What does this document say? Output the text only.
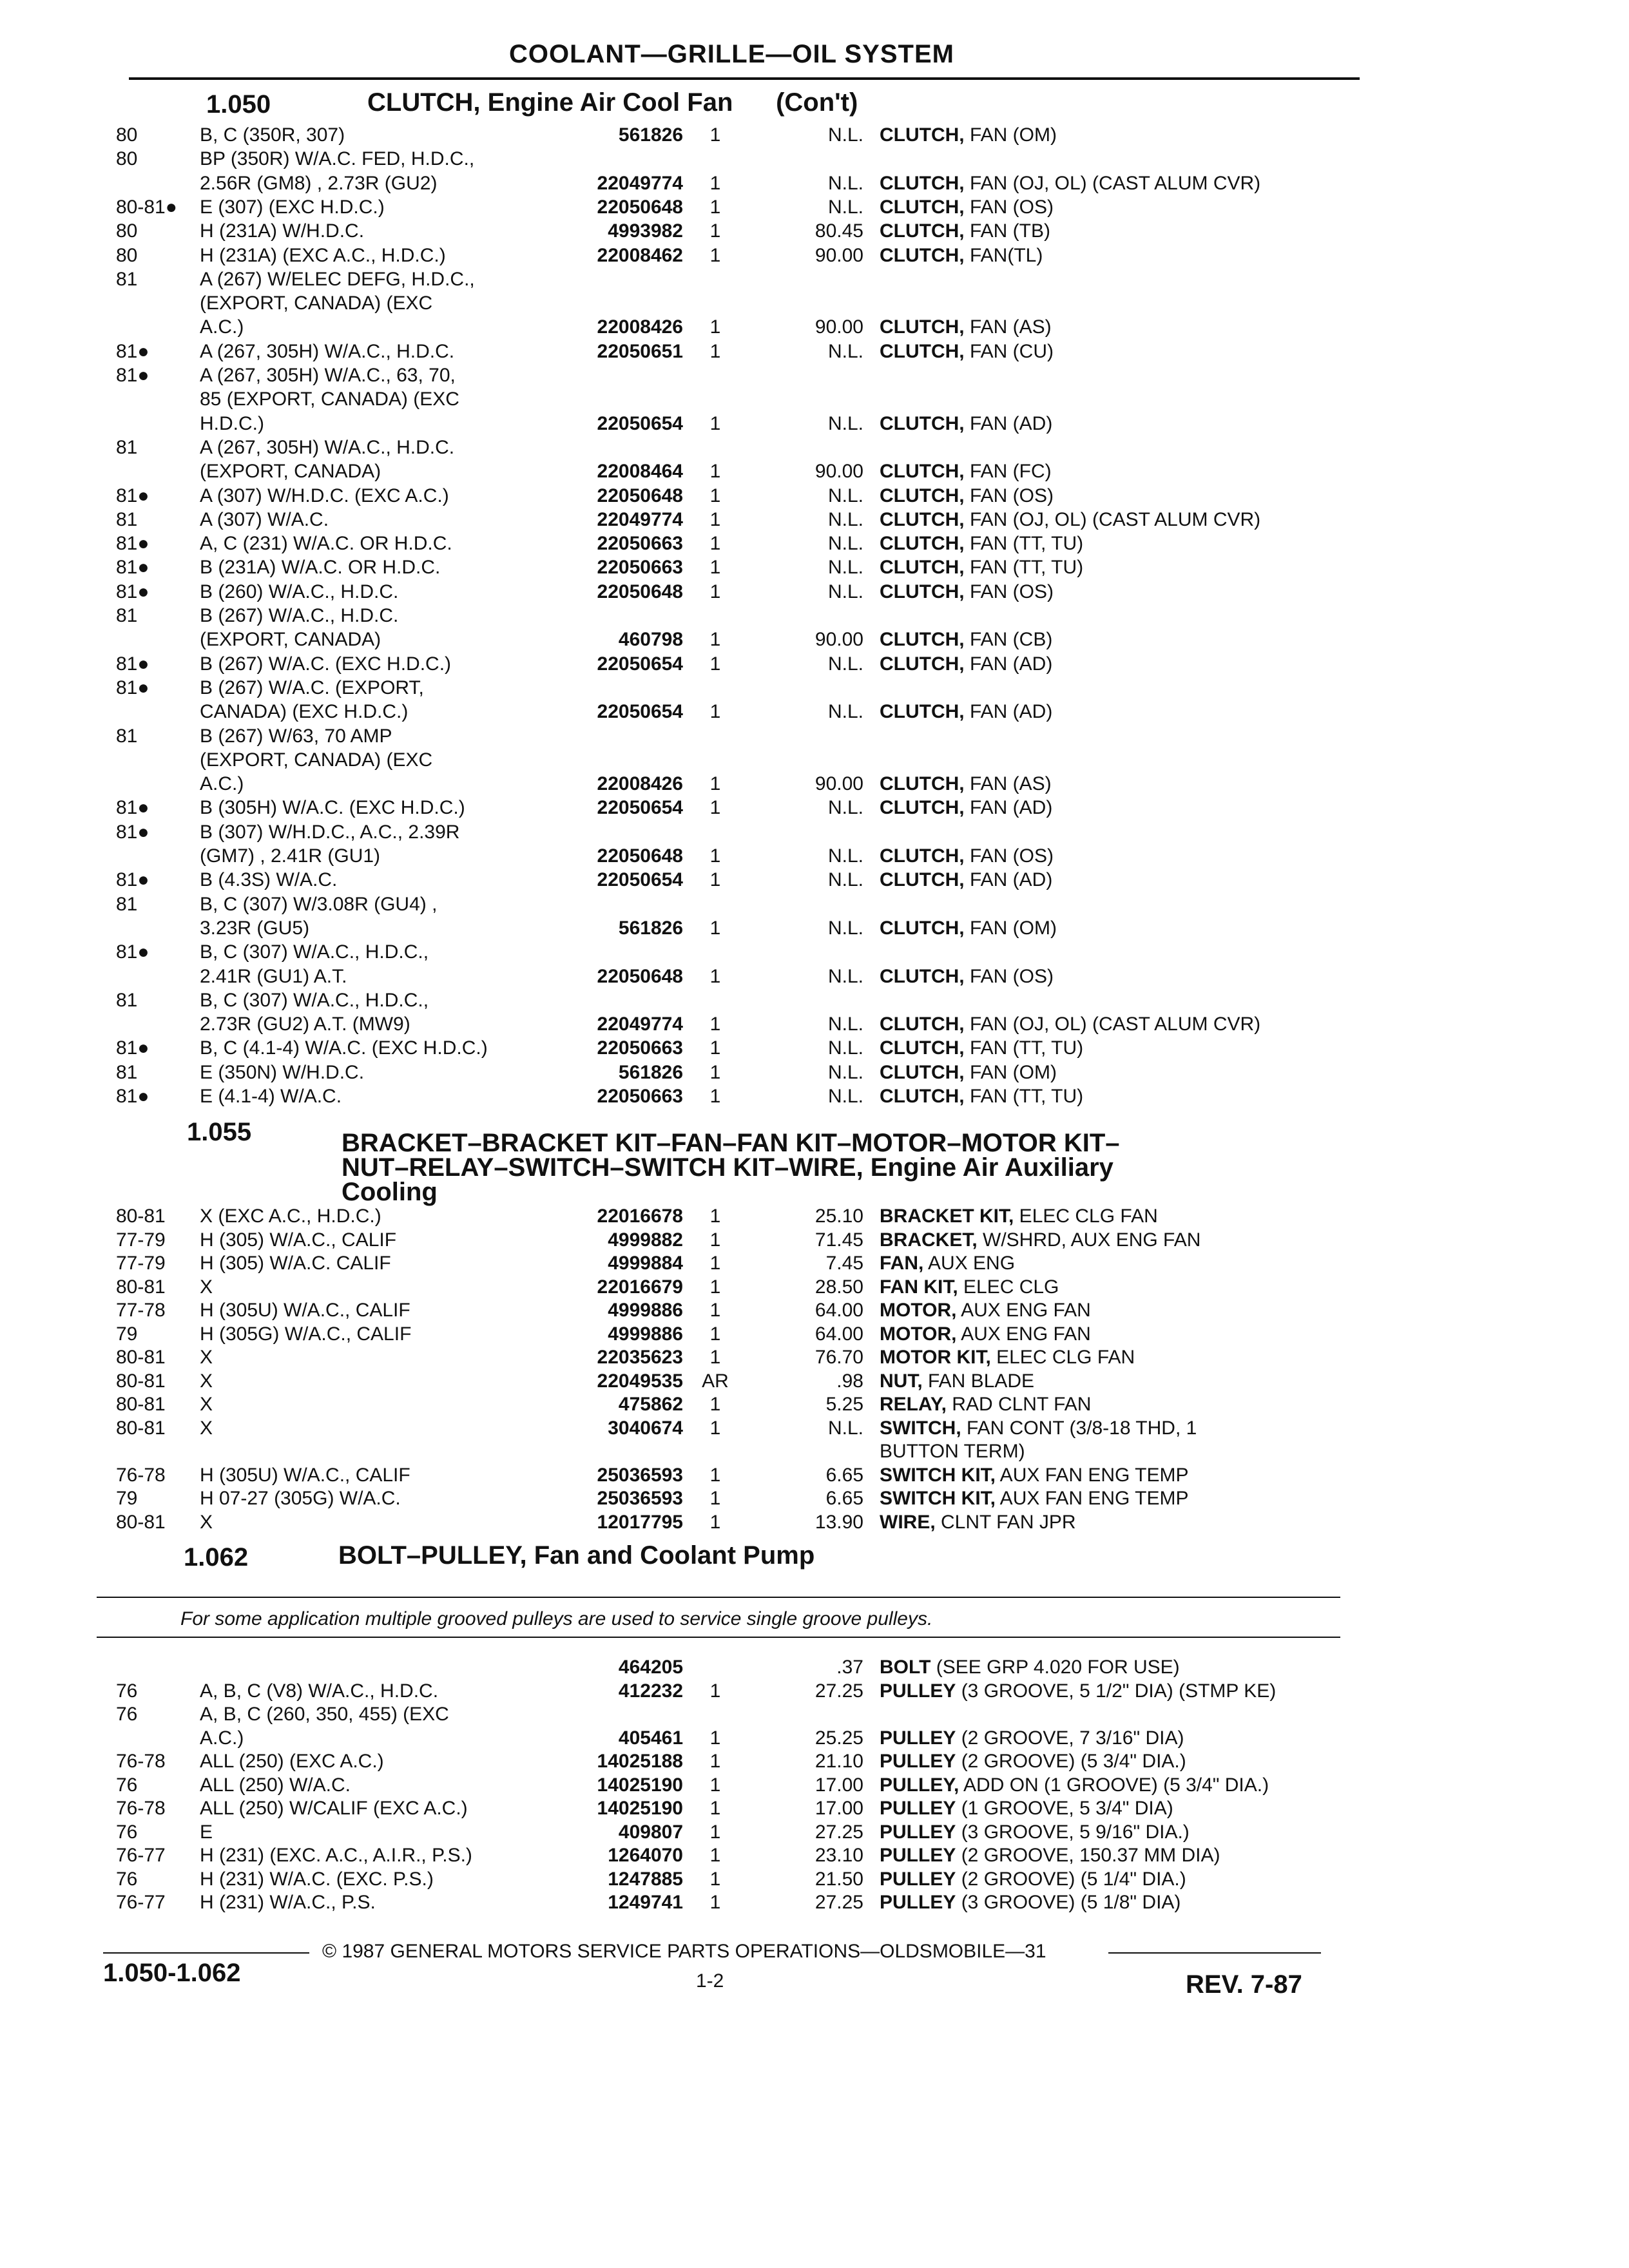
COOLANT—GRILLE—OIL SYSTEM
1.050	CLUTCH, Engine Air Cool Fan      (Con't)
80	B, C (350R, 307)	561826	1	N.L. CLUTCH, FAN (OM)
80	BP (350R) W/A.C. FED, H.D.C.,
2.56R (GM8) , 2.73R (GU2)	22049774	1	N.L. CLUTCH, FAN (OJ, OL) (CAST ALUM CVR)
80-81●	E (307) (EXC H.D.C.)	22050648	1	N.L. CLUTCH, FAN (OS)
80	H (231A) W/H.D.C.	4993982	1	80.45 CLUTCH, FAN (TB)
80	H (231A) (EXC A.C., H.D.C.)	22008462	1	90.00 CLUTCH, FAN(TL)
81	A (267) W/ELEC DEFG, H.D.C.,
(EXPORT, CANADA) (EXC
A.C.)	22008426	1	90.00 CLUTCH, FAN (AS)
81●	A (267, 305H) W/A.C., H.D.C.	22050651	1	N.L. CLUTCH, FAN (CU)
81●	A (267, 305H) W/A.C., 63, 70,
85 (EXPORT, CANADA) (EXC
H.D.C.)	22050654	1	N.L. CLUTCH, FAN (AD)
81	A (267, 305H) W/A.C., H.D.C.
(EXPORT, CANADA)	22008464	1	90.00 CLUTCH, FAN (FC)
81●	A (307) W/H.D.C. (EXC A.C.)	22050648	1	N.L. CLUTCH, FAN (OS)
81	A (307) W/A.C.	22049774	1	N.L. CLUTCH, FAN (OJ, OL) (CAST ALUM CVR)
81●	A, C (231) W/A.C. OR H.D.C.	22050663	1	N.L. CLUTCH, FAN (TT, TU)
81●	B (231A) W/A.C. OR H.D.C.	22050663	1	N.L. CLUTCH, FAN (TT, TU)
81●	B (260) W/A.C., H.D.C.	22050648	1	N.L. CLUTCH, FAN (OS)
81	B (267) W/A.C., H.D.C.
(EXPORT, CANADA)	460798	1	90.00 CLUTCH, FAN (CB)
81●	B (267) W/A.C. (EXC H.D.C.)	22050654	1	N.L. CLUTCH, FAN (AD)
81●	B (267) W/A.C. (EXPORT,
CANADA) (EXC H.D.C.)	22050654	1	N.L. CLUTCH, FAN (AD)
81	B (267) W/63, 70 AMP
(EXPORT, CANADA) (EXC
A.C.)	22008426	1	90.00 CLUTCH, FAN (AS)
81●	B (305H) W/A.C. (EXC H.D.C.)	22050654	1	N.L. CLUTCH, FAN (AD)
81●	B (307) W/H.D.C., A.C., 2.39R
(GM7) , 2.41R (GU1)	22050648	1	N.L. CLUTCH, FAN (OS)
81●	B (4.3S) W/A.C.	22050654	1	N.L. CLUTCH, FAN (AD)
81	B, C (307) W/3.08R (GU4) ,
3.23R (GU5)	561826	1	N.L. CLUTCH, FAN (OM)
81●	B, C (307) W/A.C., H.D.C.,
2.41R (GU1) A.T.	22050648	1	N.L. CLUTCH, FAN (OS)
81	B, C (307) W/A.C., H.D.C.,
2.73R (GU2) A.T. (MW9)	22049774	1	N.L. CLUTCH, FAN (OJ, OL) (CAST ALUM CVR)
81●	B, C (4.1-4) W/A.C. (EXC H.D.C.)	22050663	1	N.L. CLUTCH, FAN (TT, TU)
81	E (350N) W/H.D.C.	561826	1	N.L. CLUTCH, FAN (OM)
81●	E (4.1-4) W/A.C.	22050663	1	N.L. CLUTCH, FAN (TT, TU)
1.055	BRACKET–BRACKET KIT–FAN–FAN KIT–MOTOR–MOTOR KIT–
NUT–RELAY–SWITCH–SWITCH KIT–WIRE, Engine Air Auxiliary
Cooling
80-81	X (EXC A.C., H.D.C.)	22016678	1	25.10 BRACKET KIT, ELEC CLG FAN
77-79	H (305) W/A.C., CALIF	4999882	1	71.45 BRACKET, W/SHRD, AUX ENG FAN
77-79	H (305) W/A.C. CALIF	4999884	1	7.45 FAN, AUX ENG
80-81	X	22016679	1	28.50 FAN KIT, ELEC CLG
77-78	H (305U) W/A.C., CALIF	4999886	1	64.00 MOTOR, AUX ENG FAN
79	H (305G) W/A.C., CALIF	4999886	1	64.00 MOTOR, AUX ENG FAN
80-81	X	22035623	1	76.70 MOTOR KIT, ELEC CLG FAN
80-81	X	22049535 AR	.98 NUT, FAN BLADE
80-81	X	475862	1	5.25 RELAY, RAD CLNT FAN
80-81	X	3040674	1	N.L. SWITCH, FAN CONT (3/8-18 THD, 1
BUTTON TERM)
76-78	H (305U) W/A.C., CALIF	25036593	1	6.65 SWITCH KIT, AUX FAN ENG TEMP
79	H 07-27 (305G) W/A.C.	25036593	1	6.65 SWITCH KIT, AUX FAN ENG TEMP
80-81	X	12017795	1	13.90 WIRE, CLNT FAN JPR
1.062	BOLT–PULLEY, Fan and Coolant Pump
For some application multiple grooved pulleys are used to service single groove pulleys.
464205	.37 BOLT (SEE GRP 4.020 FOR USE)
76	A, B, C (V8) W/A.C., H.D.C.	412232	1	27.25 PULLEY (3 GROOVE, 5 1/2" DIA) (STMP KE)
76	A, B, C (260, 350, 455) (EXC
A.C.)	405461	1	25.25 PULLEY (2 GROOVE, 7 3/16" DIA)
76-78	ALL (250) (EXC A.C.)	14025188	1	21.10 PULLEY (2 GROOVE) (5 3/4" DIA.)
76	ALL (250) W/A.C.	14025190	1	17.00 PULLEY, ADD ON (1 GROOVE) (5 3/4" DIA.)
76-78	ALL (250) W/CALIF (EXC A.C.)	14025190	1	17.00 PULLEY (1 GROOVE, 5 3/4" DIA)
76	E	409807	1	27.25 PULLEY (3 GROOVE, 5 9/16" DIA.)
76-77	H (231) (EXC. A.C., A.I.R., P.S.)	1264070	1	23.10 PULLEY (2 GROOVE, 150.37 MM DIA)
76	H (231) W/A.C. (EXC. P.S.)	1247885	1	21.50 PULLEY (2 GROOVE) (5 1/4" DIA.)
76-77	H (231) W/A.C., P.S.	1249741	1	27.25 PULLEY (3 GROOVE) (5 1/8" DIA)
© 1987 GENERAL MOTORS SERVICE PARTS OPERATIONS—OLDSMOBILE—31
1.050-1.062	1-2	REV. 7-87
